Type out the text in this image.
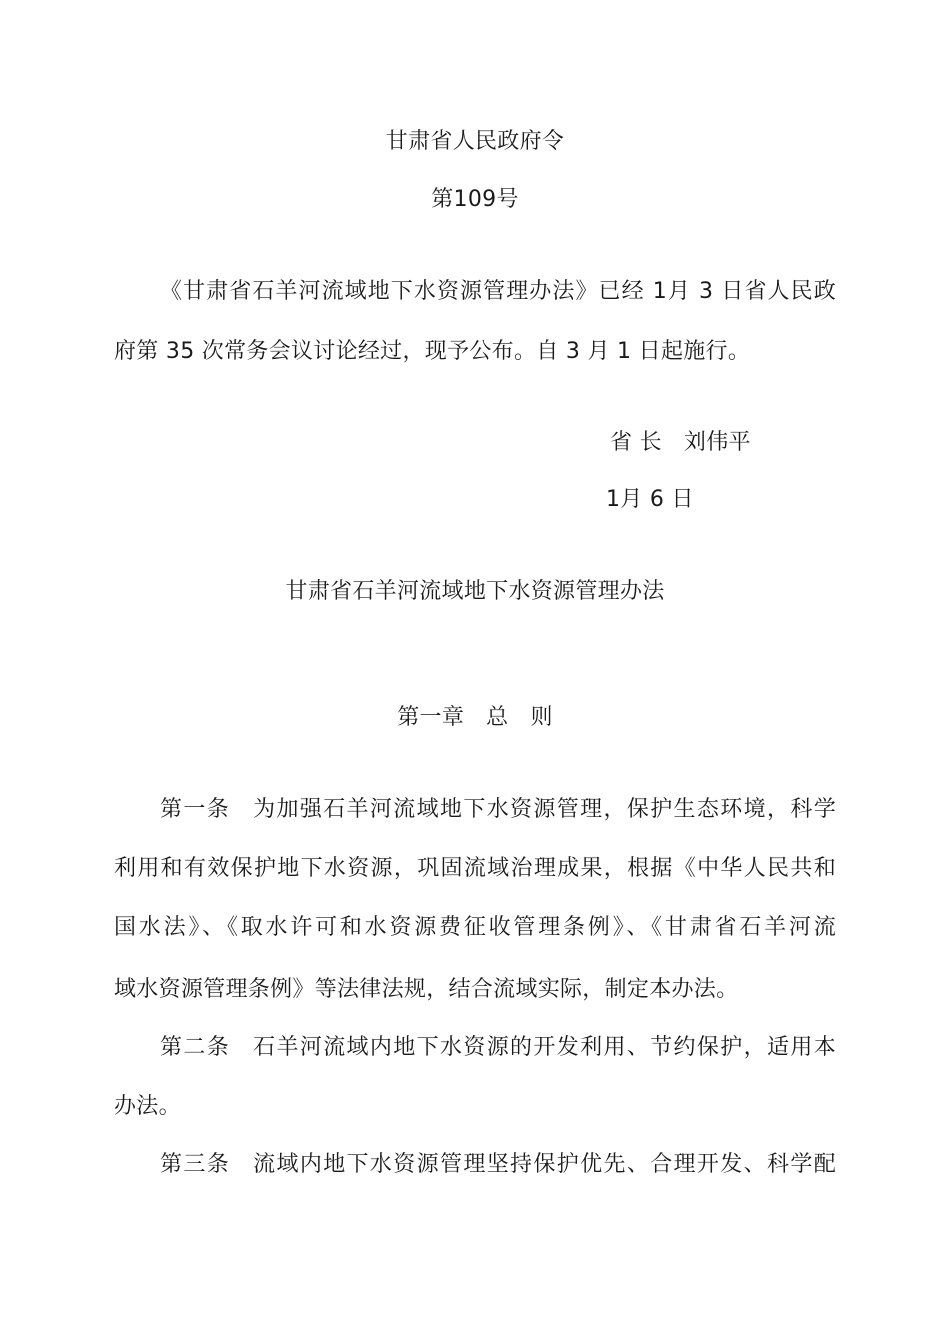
甘肃省人民政府令
第109号
《甘肃省石羊河流域地下水资源管理办法》已经 1月 3 日省人民政
府第 35 次常务会议讨论经过，现予公布。自 3 月 1 日起施行。
省 长 刘伟平
1月 6 日
甘肃省石羊河流域地下水资源管理办法
第一章 总 则
第一条 为加强石羊河流域地下水资源管理，保护生态环境，科学
利用和有效保护地下水资源，巩固流域治理成果，根据《中华人民共和
国水法》、《取水许可和水资源费征收管理条例》、《甘肃省石羊河流
域水资源管理条例》等法律法规，结合流域实际，制定本办法。
第二条 石羊河流域内地下水资源的开发利用、节约保护，适用本
办法。
第三条 流域内地下水资源管理坚持保护优先、合理开发、科学配
